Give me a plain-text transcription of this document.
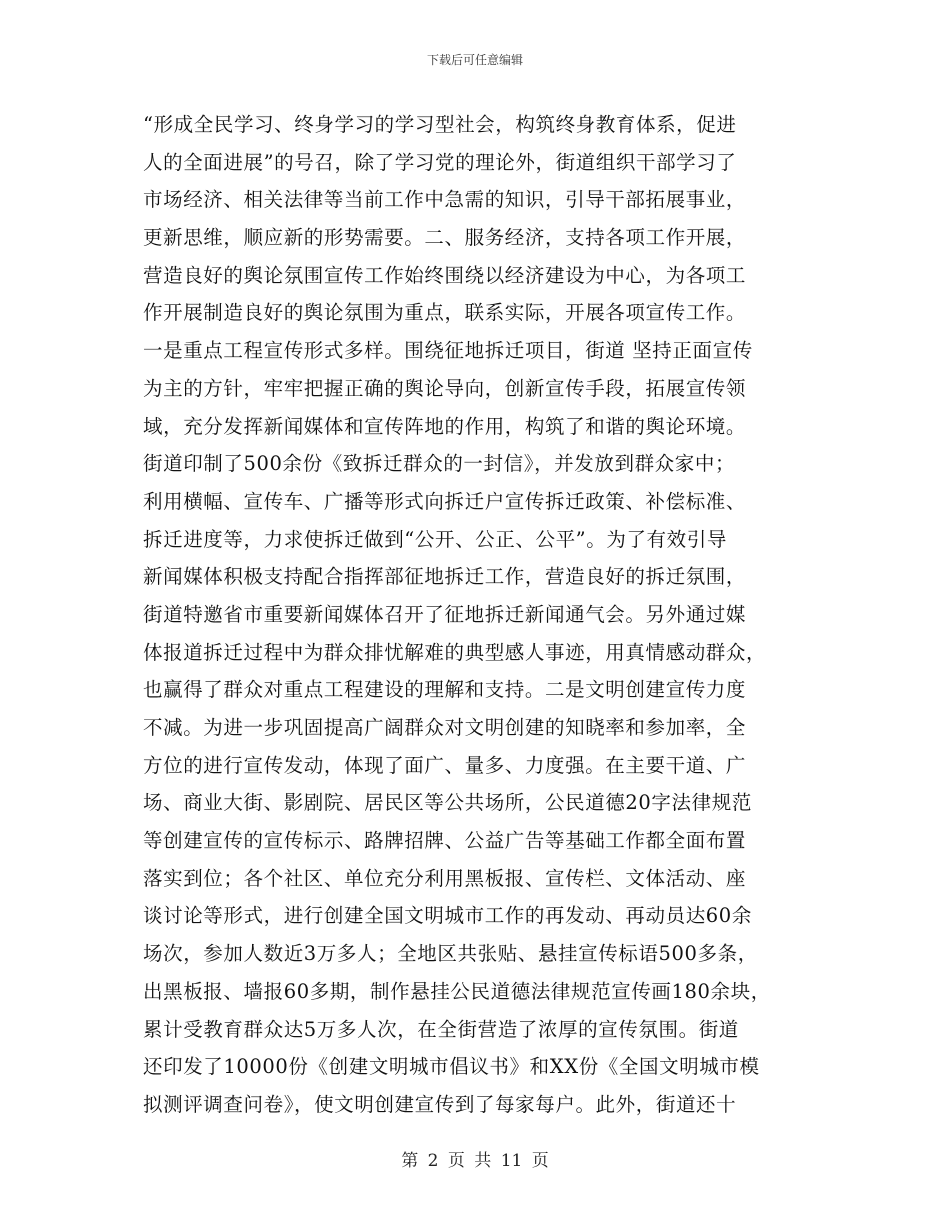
下载后可任意编辑
“形成全民学习、终身学习的学习型社会，构筑终身教育体系，促进
人的全面进展”的号召，除了学习党的理论外，街道组织干部学习了
市场经济、相关法律等当前工作中急需的知识，引导干部拓展事业，
更新思维，顺应新的形势需要。二、服务经济，支持各项工作开展，
营造良好的舆论氛围宣传工作始终围绕以经济建设为中心，为各项工
作开展制造良好的舆论氛围为重点，联系实际，开展各项宣传工作。
一是重点工程宣传形式多样。围绕征地拆迁项目，街道 坚持正面宣传
为主的方针，牢牢把握正确的舆论导向，创新宣传手段，拓展宣传领
域，充分发挥新闻媒体和宣传阵地的作用，构筑了和谐的舆论环境。
街道印制了500余份《致拆迁群众的一封信》，并发放到群众家中；
利用横幅、宣传车、广播等形式向拆迁户宣传拆迁政策、补偿标准、
拆迁进度等，力求使拆迁做到“公开、公正、公平”。为了有效引导
新闻媒体积极支持配合指挥部征地拆迁工作，营造良好的拆迁氛围，
街道特邀省市重要新闻媒体召开了征地拆迁新闻通气会。另外通过媒
体报道拆迁过程中为群众排忧解难的典型感人事迹，用真情感动群众，
也赢得了群众对重点工程建设的理解和支持。二是文明创建宣传力度
不减。为进一步巩固提高广阔群众对文明创建的知晓率和参加率，全
方位的进行宣传发动，体现了面广、量多、力度强。在主要干道、广
场、商业大街、影剧院、居民区等公共场所，公民道德20字法律规范
等创建宣传的宣传标示、路牌招牌、公益广告等基础工作都全面布置
落实到位；各个社区、单位充分利用黑板报、宣传栏、文体活动、座
谈讨论等形式，进行创建全国文明城市工作的再发动、再动员达60余
场次，参加人数近3万多人；全地区共张贴、悬挂宣传标语500多条，
出黑板报、墙报60多期，制作悬挂公民道德法律规范宣传画180余块，
累计受教育群众达5万多人次，在全街营造了浓厚的宣传氛围。街道
还印发了10000份《创建文明城市倡议书》和XX份《全国文明城市模
拟测评调查问卷》，使文明创建宣传到了每家每户。此外，街道还十
第 2 页 共 11 页
